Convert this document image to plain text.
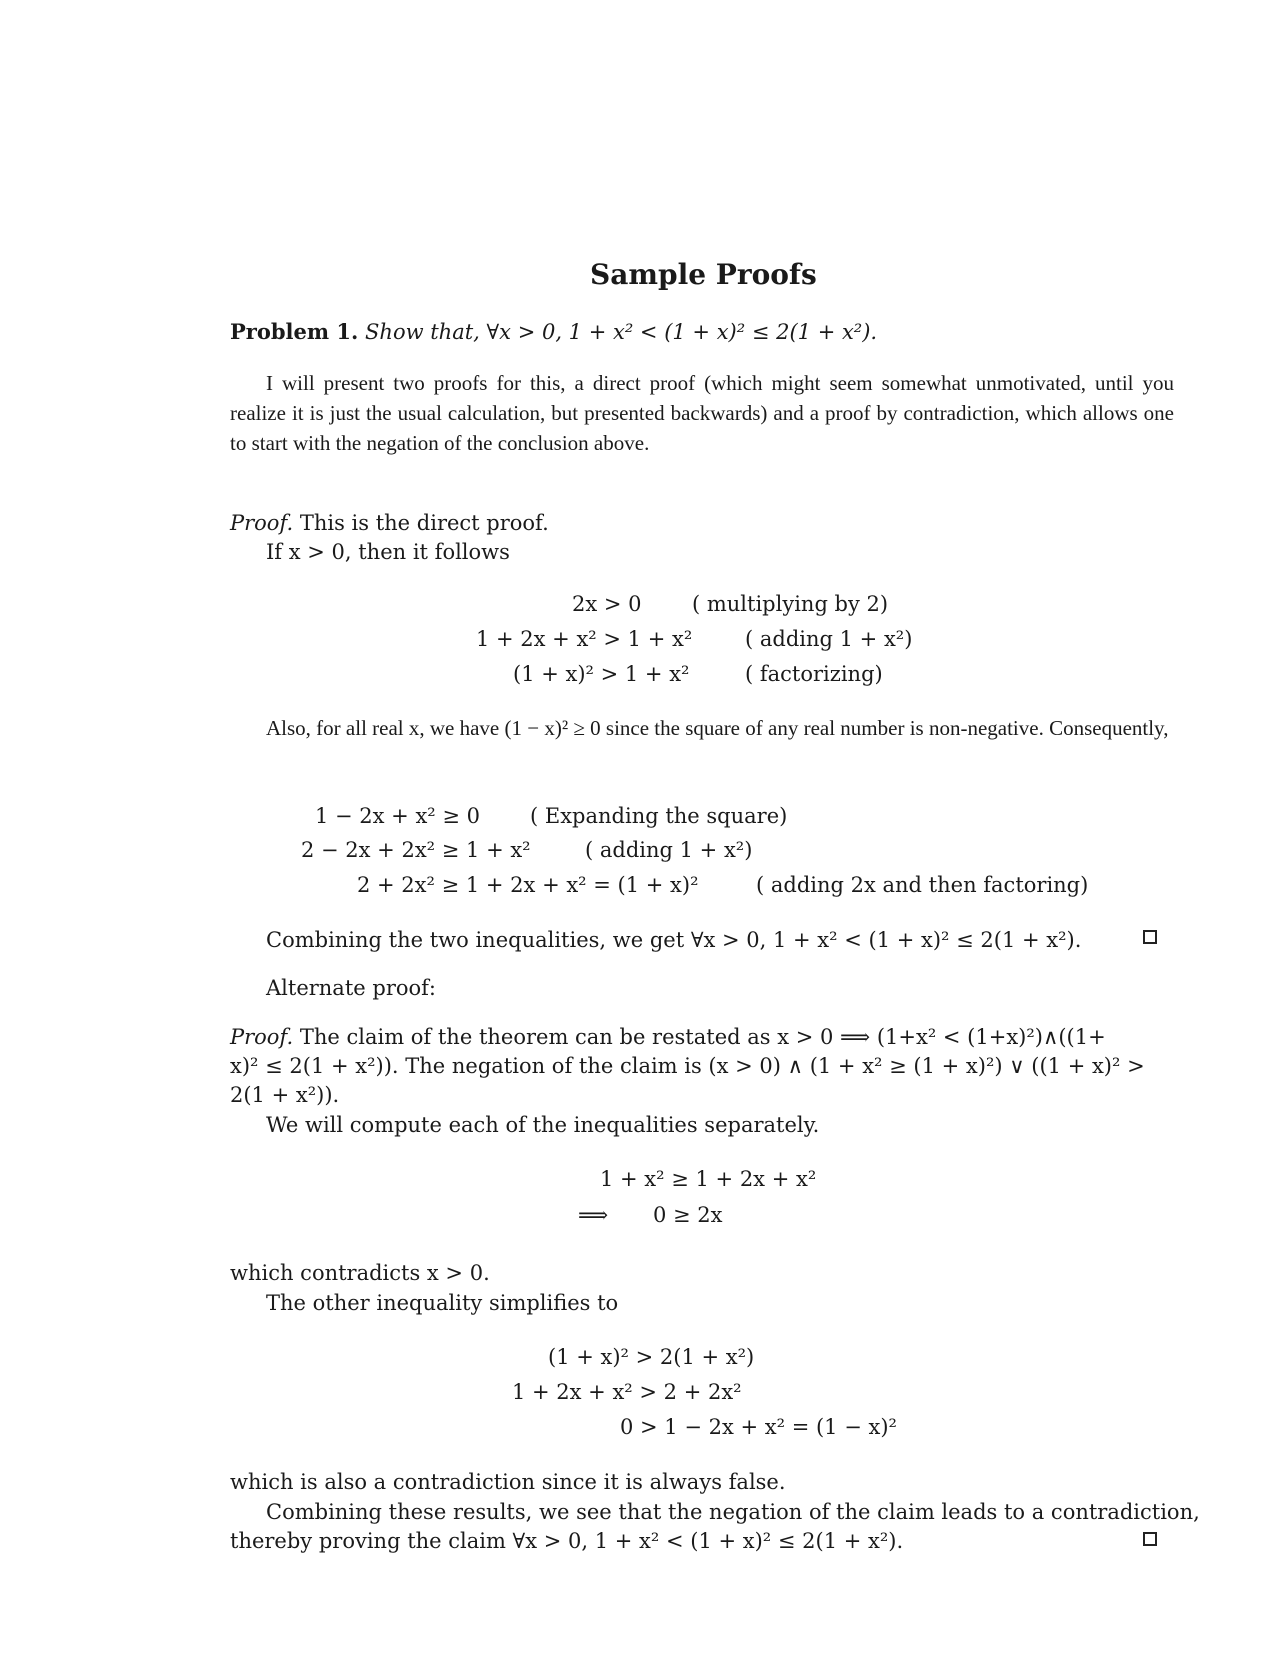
Sample Proofs
Problem 1. Show that, ∀x > 0, 1 + x² < (1 + x)² ≤ 2(1 + x²).
I will present two proofs for this, a direct proof (which might seem somewhat unmotivated, until you realize it is just the usual calculation, but presented backwards) and a proof by contradiction, which allows one to start with the negation of the conclusion above.
Proof. This is the direct proof.
If x > 0, then it follows
2x > 0 ( multiplying by 2)
1 + 2x + x² > 1 + x²	( adding 1 + x²)
(1 + x)² > 1 + x²	( factorizing)
Also, for all real x, we have (1 − x)² ≥ 0 since the square of any real number is non-negative. Consequently,
1 − 2x + x² ≥ 0 ( Expanding the square)
2 − 2x + 2x² ≥ 1 + x²	( adding 1 + x²)
2 + 2x² ≥ 1 + 2x + x² = (1 + x)²	( adding 2x and then factoring)
Combining the two inequalities, we get ∀x > 0, 1 + x² < (1 + x)² ≤ 2(1 + x²).
Alternate proof:
Proof. The claim of the theorem can be restated as x > 0 ⟹ (1+x² < (1+x)²)∧((1+
x)² ≤ 2(1 + x²)). The negation of the claim is (x > 0) ∧ (1 + x² ≥ (1 + x)²) ∨ ((1 + x)² >
2(1 + x²)).
We will compute each of the inequalities separately.
1 + x² ≥ 1 + 2x + x²
⟹ 0 ≥ 2x
which contradicts x > 0.
The other inequality simplifies to
(1 + x)² > 2(1 + x²)
1 + 2x + x² > 2 + 2x²
0 > 1 − 2x + x² = (1 − x)²
which is also a contradiction since it is always false.
Combining these results, we see that the negation of the claim leads to a contradiction,
thereby proving the claim ∀x > 0, 1 + x² < (1 + x)² ≤ 2(1 + x²).
